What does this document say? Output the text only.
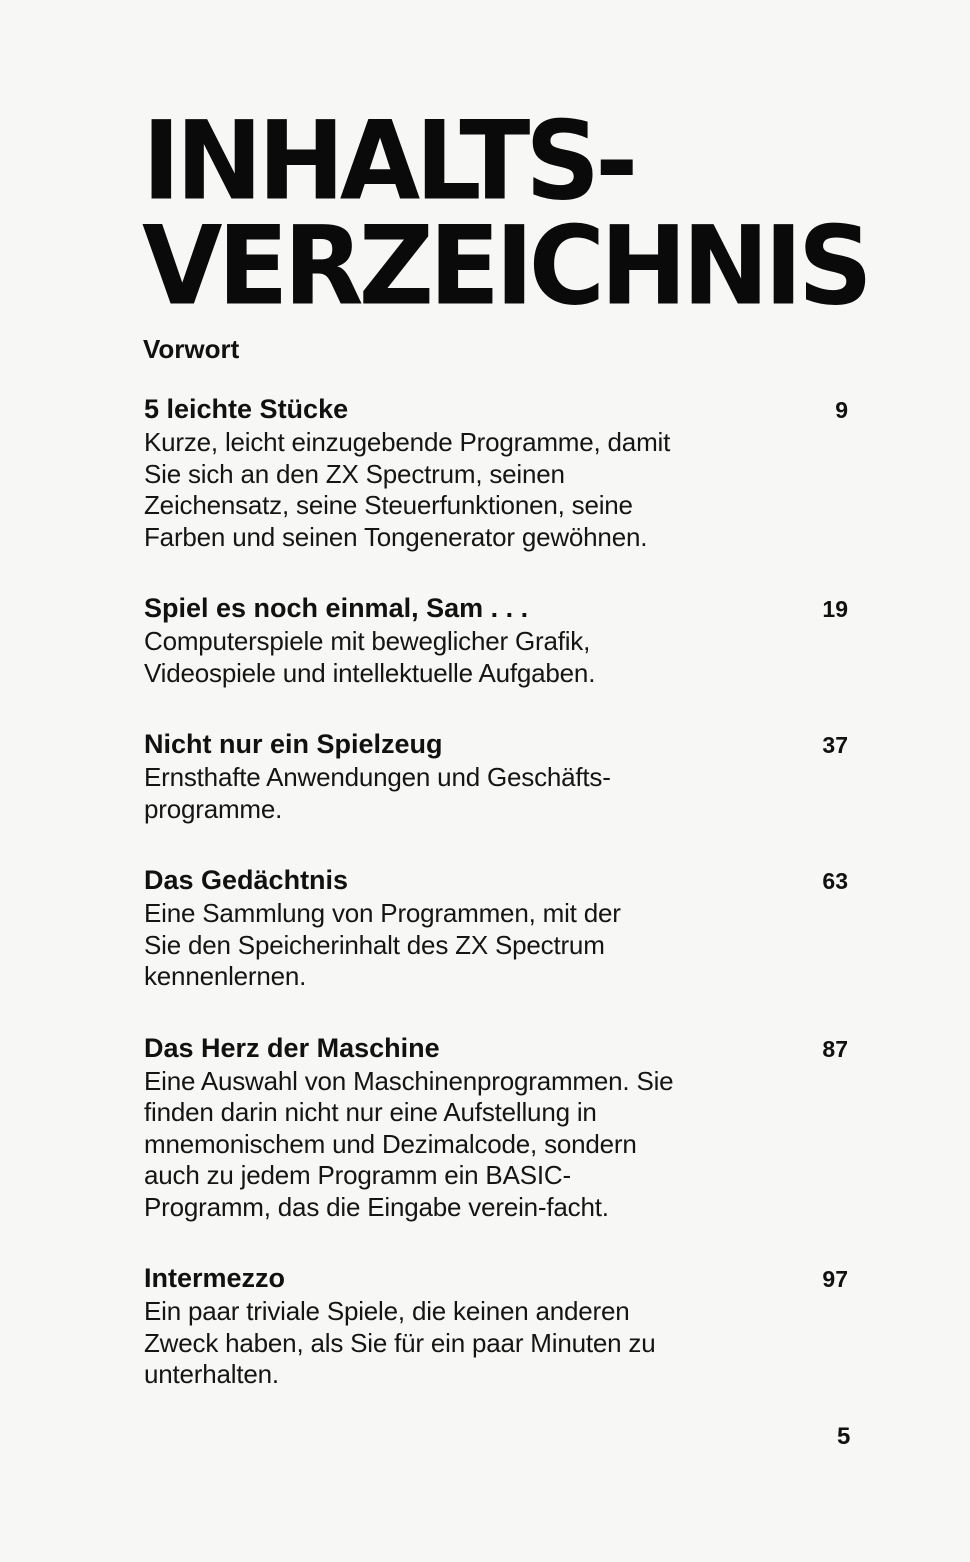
INHALTS-
VERZEICHNIS
Vorwort
5 leichte Stücke	9
Kurze, leicht einzugebende Programme, damit Sie sich an den ZX Spectrum, seinen Zeichensatz, seine Steuerfunktionen, seine Farben und seinen Tongenerator gewöhnen.
Spiel es noch einmal, Sam . . .	19
Computerspiele mit beweglicher Grafik, Videospiele und intellektuelle Aufgaben.
Nicht nur ein Spielzeug	37
Ernsthafte Anwendungen und Geschäfts-programme.
Das Gedächtnis	63
Eine Sammlung von Programmen, mit der Sie den Speicherinhalt des ZX Spectrum kennenlernen.
Das Herz der Maschine	87
Eine Auswahl von Maschinenprogrammen. Sie finden darin nicht nur eine Aufstellung in mnemonischem und Dezimalcode, sondern auch zu jedem Programm ein BASIC-Programm, das die Eingabe verein-facht.
Intermezzo	97
Ein paar triviale Spiele, die keinen anderen Zweck haben, als Sie für ein paar Minuten zu unterhalten.
5
